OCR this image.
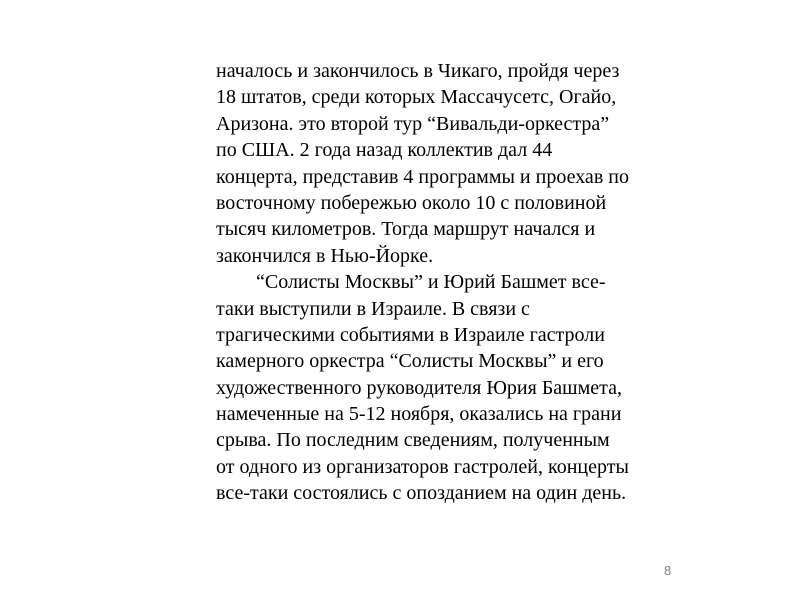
началось и закончилось в Чикаго, пройдя через
18 штатов, среди которых Массачусетс, Огайо,
Аризона. это второй тур “Вивальди-оркестра”
по США. 2 года назад коллектив дал 44
концерта, представив 4 программы и проехав по
восточному побережью около 10 с половиной
тысяч километров. Тогда маршрут начался и
закончился в Нью-Йорке.
“Солисты Москвы” и Юрий Башмет все-
таки выступили в Израиле. В связи с
трагическими событиями в Израиле гастроли
камерного оркестра “Солисты Москвы” и его
художественного руководителя Юрия Башмета,
намеченные на 5-12 ноября, оказались на грани
срыва. По последним сведениям, полученным
от одного из организаторов гастролей, концерты
все-таки состоялись с опозданием на один день.
8
